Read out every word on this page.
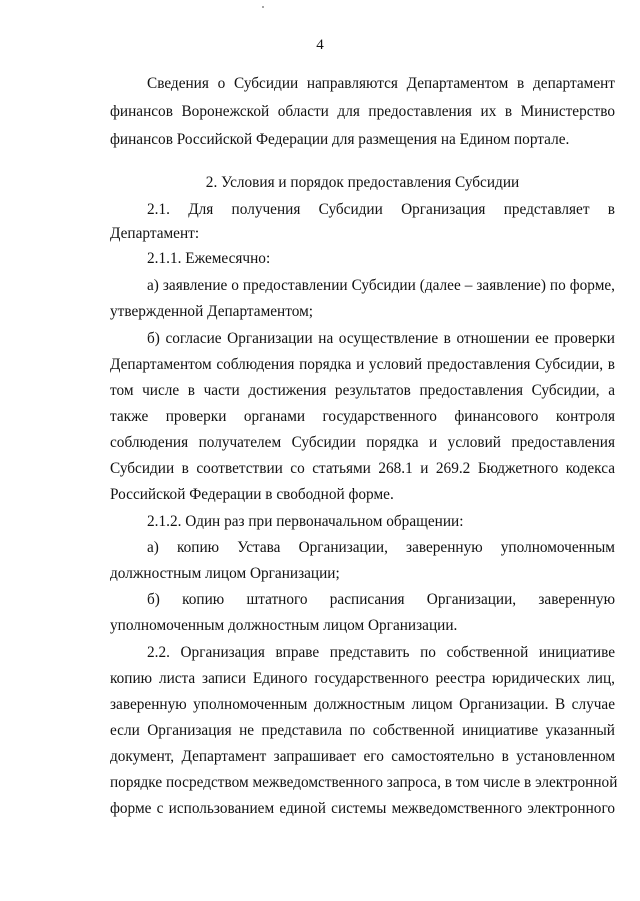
4
Сведения о Субсидии направляются Департаментом в департамент
финансов Воронежской области для предоставления их в Министерство
финансов Российской Федерации для размещения на Едином портале.
2. Условия и порядок предоставления Субсидии
2.1. Для получения Субсидии Организация представляет в
Департамент:
2.1.1. Ежемесячно:
а) заявление о предоставлении Субсидии (далее – заявление) по форме,
утвержденной Департаментом;
б) согласие Организации на осуществление в отношении ее проверки
Департаментом соблюдения порядка и условий предоставления Субсидии, в
том числе в части достижения результатов предоставления Субсидии, а
также проверки органами государственного финансового контроля
соблюдения получателем Субсидии порядка и условий предоставления
Субсидии в соответствии со статьями 268.1 и 269.2 Бюджетного кодекса
Российской Федерации в свободной форме.
2.1.2. Один раз при первоначальном обращении:
а) копию Устава Организации, заверенную уполномоченным
должностным лицом Организации;
б) копию штатного расписания Организации, заверенную
уполномоченным должностным лицом Организации.
2.2. Организация вправе представить по собственной инициативе
копию листа записи Единого государственного реестра юридических лиц,
заверенную уполномоченным должностным лицом Организации. В случае
если Организация не представила по собственной инициативе указанный
документ, Департамент запрашивает его самостоятельно в установленном
порядке посредством межведомственного запроса, в том числе в электронной
форме с использованием единой системы межведомственного электронного
